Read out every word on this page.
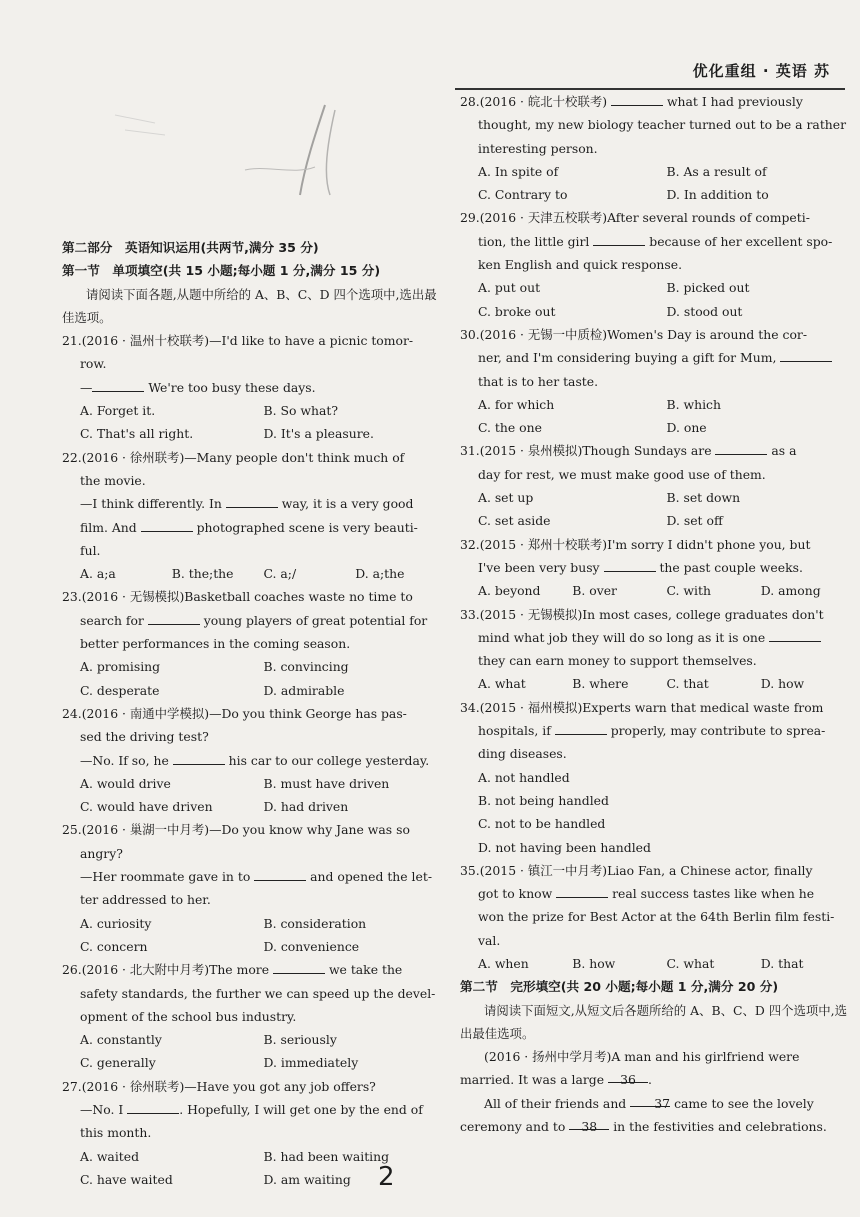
优化重组 · 英语 苏
第二部分　英语知识运用(共两节,满分 35 分)
第一节　单项填空(共 15 小题;每小题 1 分,满分 15 分)
请阅读下面各题,从题中所给的 A、B、C、D 四个选项中,选出最佳选项。
21.(2016 · 温州十校联考)—I'd like to have a picnic tomor-
row.
—	We're too busy these days.
A. Forget it.	B. So what?
C. That's all right.	D. It's a pleasure.
22.(2016 · 徐州联考)—Many people don't think much of
the movie.
—I think differently. In	way, it is a very good
film. And	photographed scene is very beauti-
ful.
A. a;a	B. the;the	C. a;/	D. a;the
23.(2016 · 无锡模拟)Basketball coaches waste no time to
search for	young players of great potential for
better performances in the coming season.
A. promising	B. convincing
C. desperate	D. admirable
24.(2016 · 南通中学模拟)—Do you think George has pas-
sed the driving test?
—No. If so, he	his car to our college yesterday.
A. would drive	B. must have driven
C. would have driven	D. had driven
25.(2016 · 巢湖一中月考)—Do you know why Jane was so
angry?
—Her roommate gave in to	and opened the let-
ter addressed to her.
A. curiosity	B. consideration
C. concern	D. convenience
26.(2016 · 北大附中月考)The more	we take the
safety standards, the further we can speed up the devel-
opment of the school bus industry.
A. constantly	B. seriously
C. generally	D. immediately
27.(2016 · 徐州联考)—Have you got any job offers?
—No. I	. Hopefully, I will get one by the end of
this month.
A. waited	B. had been waiting
C. have waited	D. am waiting
28.(2016 · 皖北十校联考)	what I had previously
thought, my new biology teacher turned out to be a rather
interesting person.
A. In spite of	B. As a result of
C. Contrary to	D. In addition to
29.(2016 · 天津五校联考)After several rounds of competi-
tion, the little girl	because of her excellent spo-
ken English and quick response.
A. put out	B. picked out
C. broke out	D. stood out
30.(2016 · 无锡一中质检)Women's Day is around the cor-
ner, and I'm considering buying a gift for Mum,
that is to her taste.
A. for which	B. which
C. the one	D. one
31.(2015 · 泉州模拟)Though Sundays are	as a
day for rest, we must make good use of them.
A. set up	B. set down
C. set aside	D. set off
32.(2015 · 郑州十校联考)I'm sorry I didn't phone you, but
I've been very busy	the past couple weeks.
A. beyond	B. over	C. with	D. among
33.(2015 · 无锡模拟)In most cases, college graduates don't
mind what job they will do so long as it is one
they can earn money to support themselves.
A. what	B. where	C. that	D. how
34.(2015 · 福州模拟)Experts warn that medical waste from
hospitals, if	properly, may contribute to sprea-
ding diseases.
A. not handled
B. not being handled
C. not to be handled
D. not having been handled
35.(2015 · 镇江一中月考)Liao Fan, a Chinese actor, finally
got to know	real success tastes like when he
won the prize for Best Actor at the 64th Berlin film festi-
val.
A. when	B. how	C. what	D. that
第二节　完形填空(共 20 小题;每小题 1 分,满分 20 分)
请阅读下面短文,从短文后各题所给的 A、B、C、D 四个选项中,选出最佳选项。
(2016 · 扬州中学月考)A man and his girlfriend were
married. It was a large 36 .
All of their friends and 37 came to see the lovely
ceremony and to 38 in the festivities and celebrations.
2
